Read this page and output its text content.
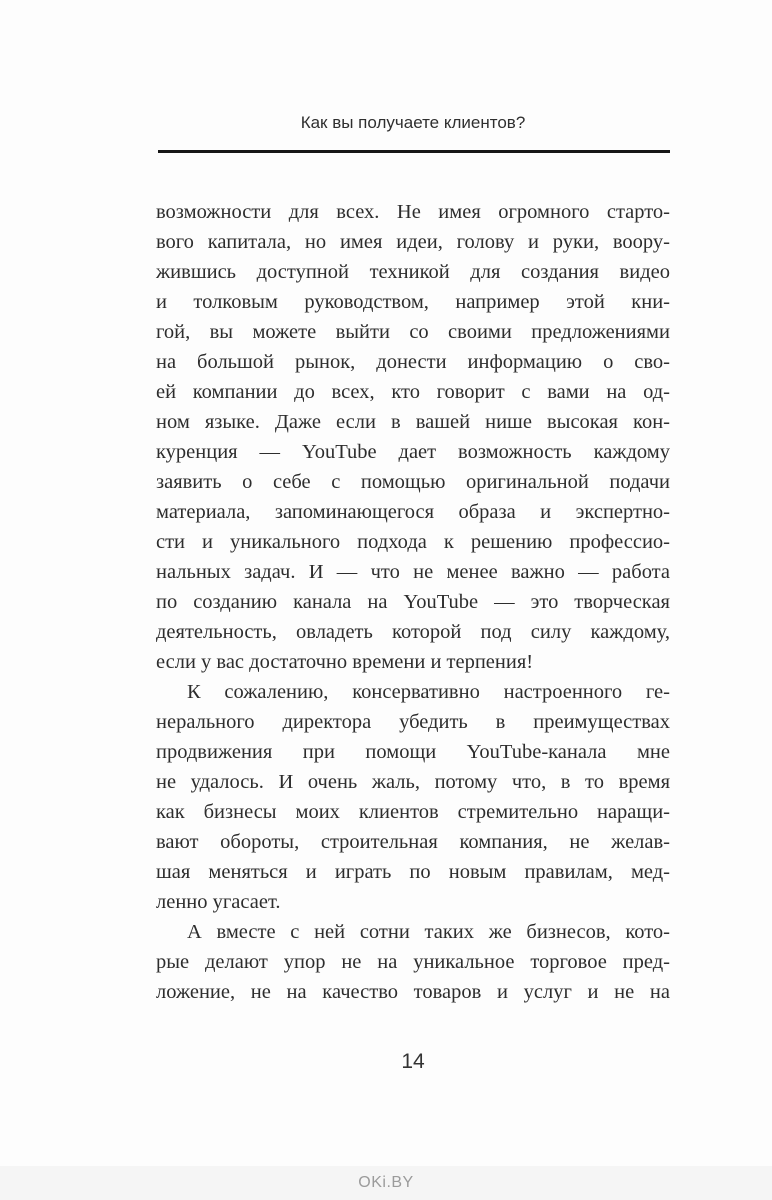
Как вы получаете клиентов?
возможности для всех. Не имея огромного старто-
вого капитала, но имея идеи, голову и руки, воору-
жившись доступной техникой для создания видео
и толковым руководством, например этой кни-
гой, вы можете выйти со своими предложениями
на большой рынок, донести информацию о сво-
ей компании до всех, кто говорит с вами на од-
ном языке. Даже если в вашей нише высокая кон-
куренция — YouTube дает возможность каждому
заявить о себе с помощью оригинальной подачи
материала, запоминающегося образа и экспертно-
сти и уникального подхода к решению профессио-
нальных задач. И — что не менее важно — работа
по созданию канала на YouTube — это творческая
деятельность, овладеть которой под силу каждому,
если у вас достаточно времени и терпения!
К сожалению, консервативно настроенного ге-
нерального директора убедить в преимуществах
продвижения при помощи YouTube-канала мне
не удалось. И очень жаль, потому что, в то время
как бизнесы моих клиентов стремительно наращи-
вают обороты, строительная компания, не желав-
шая меняться и играть по новым правилам, мед-
ленно угасает.
А вместе с ней сотни таких же бизнесов, кото-
рые делают упор не на уникальное торговое пред-
ложение, не на качество товаров и услуг и не на
14
OKi.BY
